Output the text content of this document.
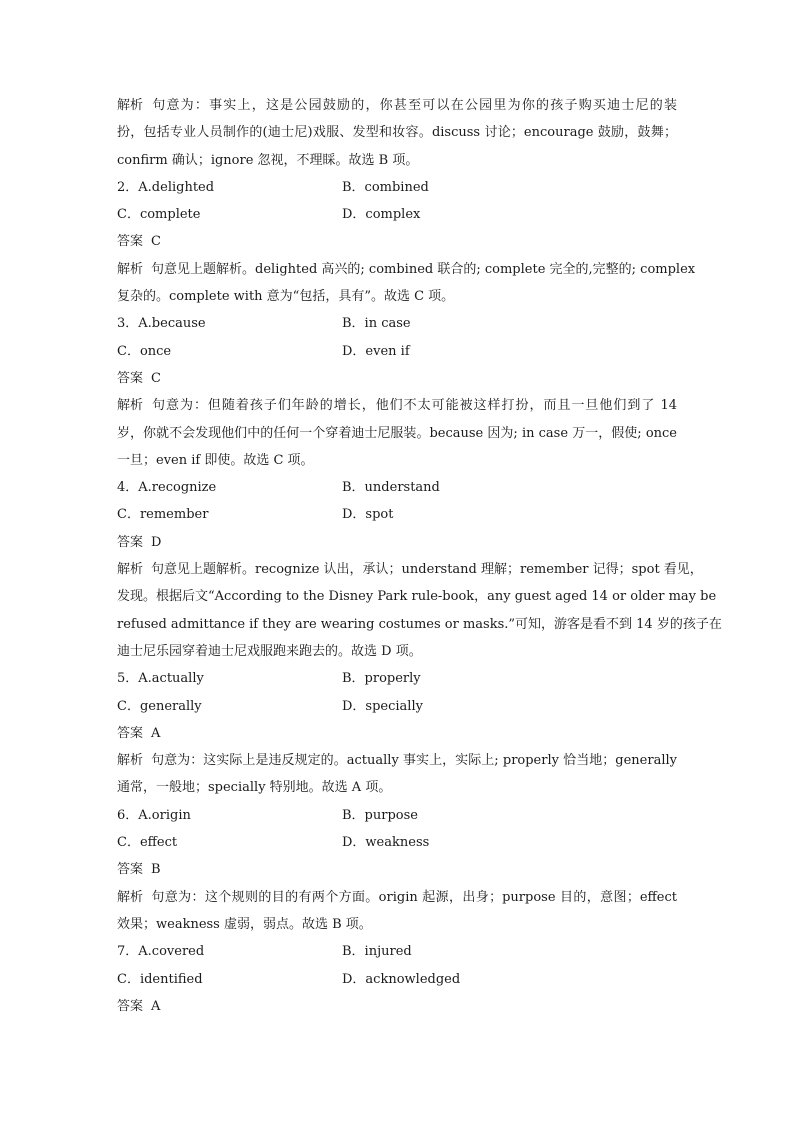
解析 句意为：事实上，这是公园鼓励的，你甚至可以在公园里为你的孩子购买迪士尼的装
扮，包括专业人员制作的(迪士尼)戏服、发型和妆容。discuss 讨论；encourage 鼓励，鼓舞；
confirm 确认；ignore 忽视，不理睬。故选 B 项。
2．A.delighted	B．combined
C．complete	D．complex
答案 C
解析 句意见上题解析。delighted 高兴的; combined 联合的; complete 完全的,完整的; complex
复杂的。complete with 意为“包括，具有”。故选 C 项。
3．A.because	B．in case
C．once	D．even if
答案 C
解析 句意为：但随着孩子们年龄的增长，他们不太可能被这样打扮，而且一旦他们到了 14
岁，你就不会发现他们中的任何一个穿着迪士尼服装。because 因为; in case 万一，假使; once
一旦；even if 即使。故选 C 项。
4．A.recognize	B．understand
C．remember	D．spot
答案 D
解析 句意见上题解析。recognize 认出，承认；understand 理解；remember 记得；spot 看见，
发现。根据后文“According to the Disney Park rule-book，any guest aged 14 or older may be
refused admittance if they are wearing costumes or masks.”可知，游客是看不到 14 岁的孩子在
迪士尼乐园穿着迪士尼戏服跑来跑去的。故选 D 项。
5．A.actually	B．properly
C．generally	D．specially
答案 A
解析 句意为：这实际上是违反规定的。actually 事实上，实际上; properly 恰当地；generally
通常，一般地；specially 特别地。故选 A 项。
6．A.origin	B．purpose
C．effect	D．weakness
答案 B
解析 句意为：这个规则的目的有两个方面。origin 起源，出身；purpose 目的，意图；effect
效果；weakness 虚弱，弱点。故选 B 项。
7．A.covered	B．injured
C．identified	D．acknowledged
答案 A
